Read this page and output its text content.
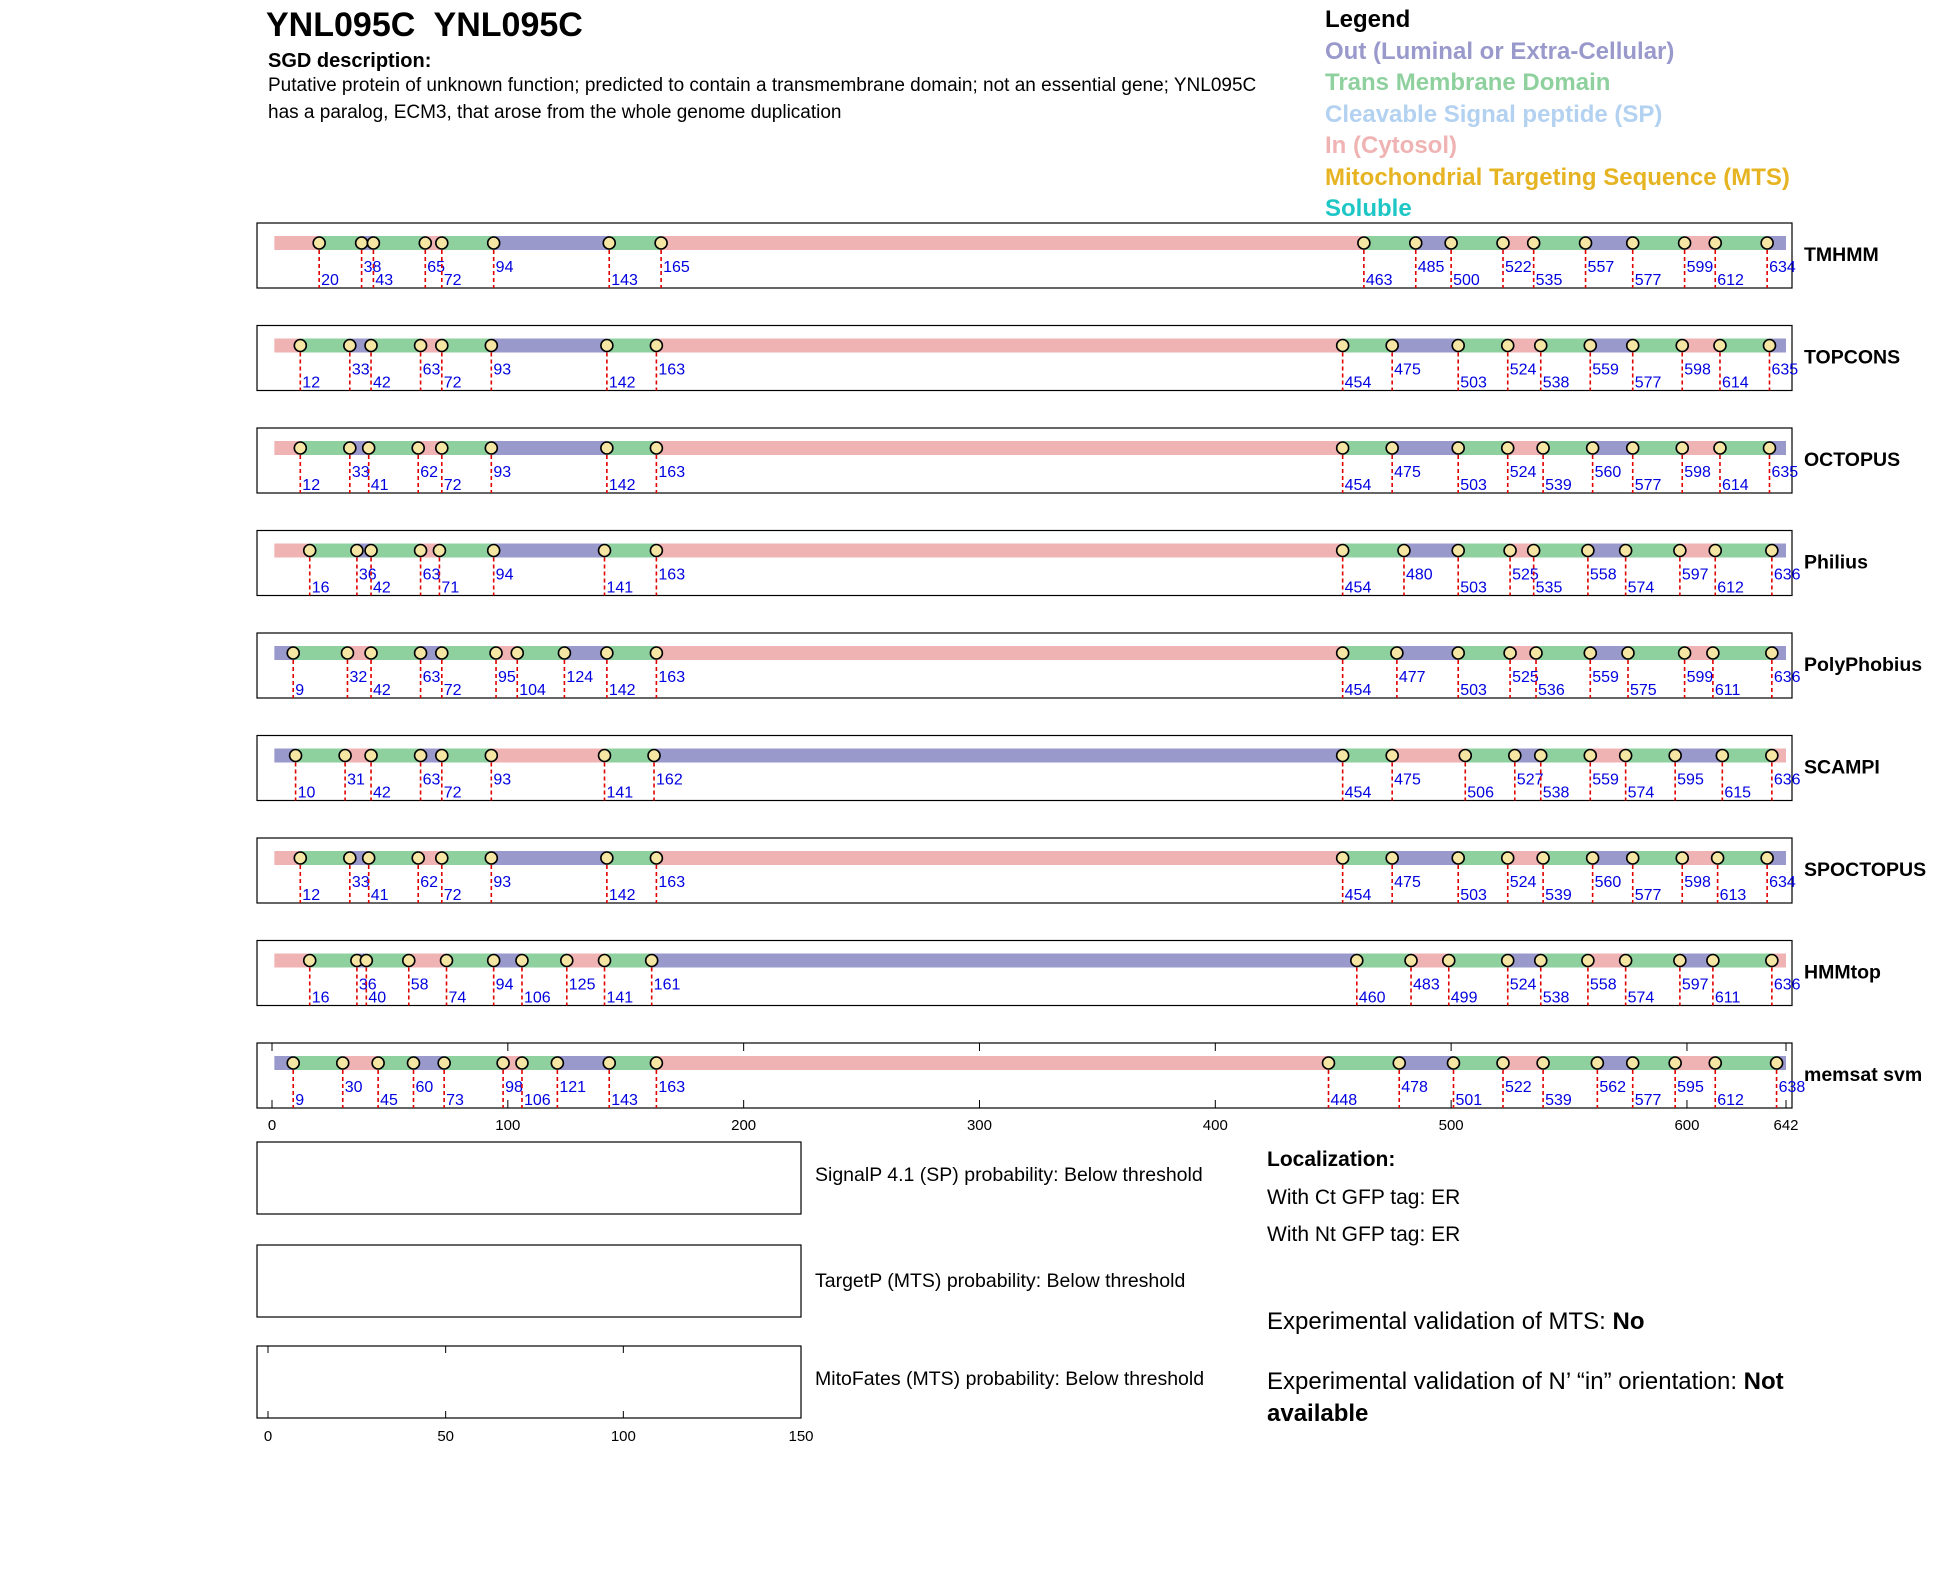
YNL095C  YNL095C
SGD description:
Putative protein of unknown function; predicted to contain a transmembrane domain; not an essential gene; YNL095C has a paralog, ECM3, that arose from the whole genome duplication
Legend
Out (Luminal or Extra-Cellular)
Trans Membrane Domain
Cleavable Signal peptide (SP)
In (Cytosol)
Mitochondrial Targeting Sequence (MTS)
Soluble
20
38
43
65
72
94
143
165
463
485
500
522
535
557
577
599
612
634
TMHMM
12
33
42
63
72
93
142
163
454
475
503
524
538
559
577
598
614
635
TOPCONS
12
33
41
62
72
93
142
163
454
475
503
524
539
560
577
598
614
635
OCTOPUS
16
36
42
63
71
94
141
163
454
480
503
525
535
558
574
597
612
636
Philius
9
32
42
63
72
95
104
124
142
163
454
477
503
525
536
559
575
599
611
636
PolyPhobius
10
31
42
63
72
93
141
162
454
475
506
527
538
559
574
595
615
636
SCAMPI
12
33
41
62
72
93
142
163
454
475
503
524
539
560
577
598
613
634
SPOCTOPUS
16
36
40
58
74
94
106
125
141
161
460
483
499
524
538
558
574
597
611
636
HMMtop
9
30
45
60
73
98
106
121
143
163
448
478
501
522
539
562
577
595
612
638
memsat svm
0	100	200	300	400	500	600	642
0	50	100	150
SignalP 4.1 (SP) probability: Below threshold
TargetP (MTS) probability: Below threshold
MitoFates (MTS) probability: Below threshold
Localization:
With Ct GFP tag: ER
With Nt GFP tag: ER
Experimental validation of MTS: No
Experimental validation of N’ “in” orientation: Not available
